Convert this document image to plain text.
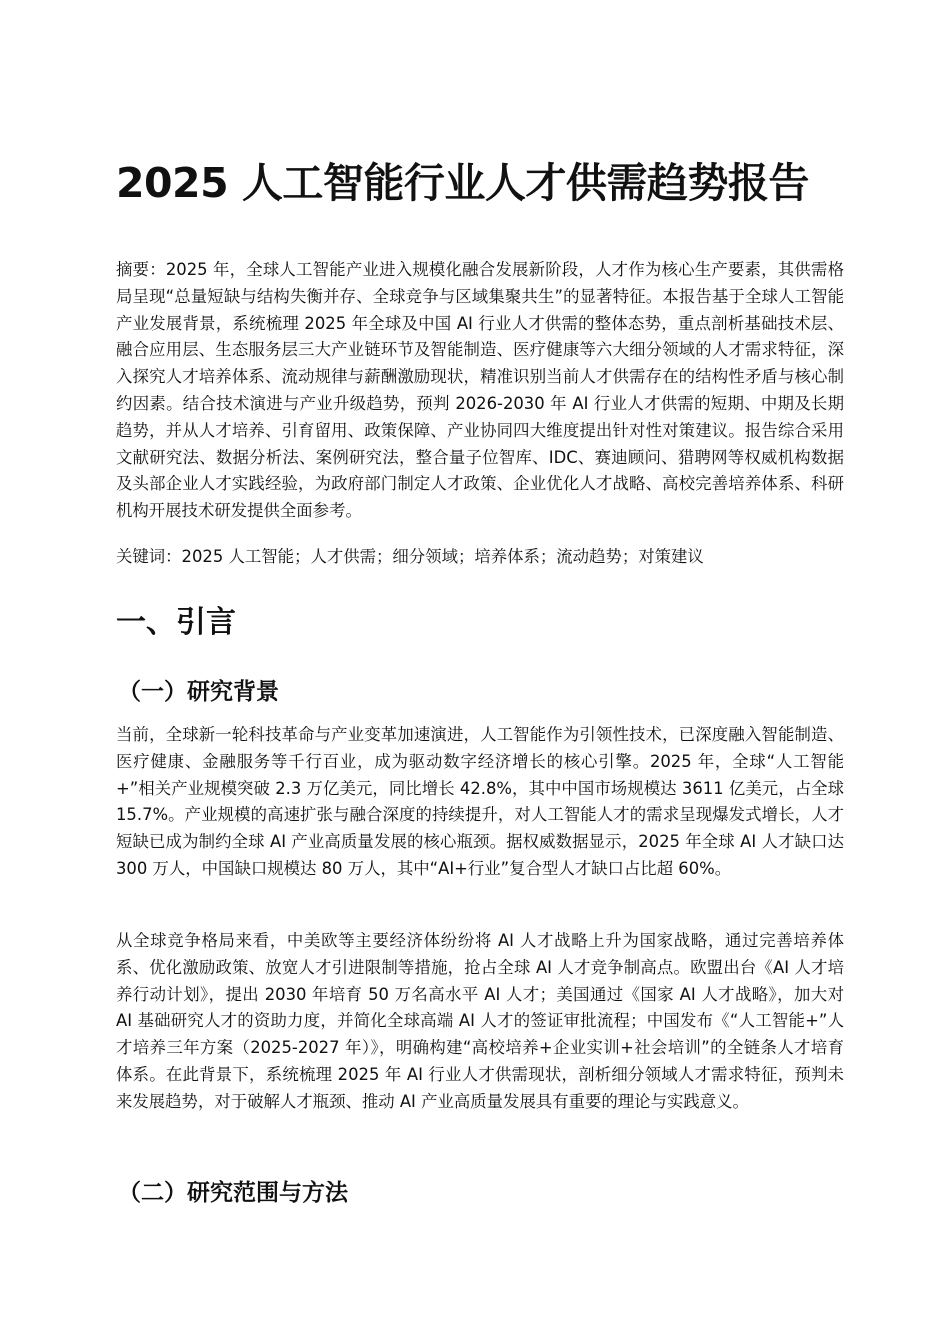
2025 人工智能行业人才供需趋势报告

摘要：2025 年，全球人工智能产业进入规模化融合发展新阶段，人才作为核心生产要素，其供需格局呈现“总量短缺与结构失衡并存、全球竞争与区域集聚共生”的显著特征。本报告基于全球人工智能产业发展背景，系统梳理 2025 年全球及中国 AI 行业人才供需的整体态势，重点剖析基础技术层、融合应用层、生态服务层三大产业链环节及智能制造、医疗健康等六大细分领域的人才需求特征，深入探究人才培养体系、流动规律与薪酬激励现状，精准识别当前人才供需存在的结构性矛盾与核心制约因素。结合技术演进与产业升级趋势，预判 2026-2030 年 AI 行业人才供需的短期、中期及长期趋势，并从人才培养、引育留用、政策保障、产业协同四大维度提出针对性对策建议。报告综合采用文献研究法、数据分析法、案例研究法，整合量子位智库、IDC、赛迪顾问、猎聘网等权威机构数据及头部企业人才实践经验，为政府部门制定人才政策、企业优化人才战略、高校完善培养体系、科研机构开展技术研发提供全面参考。

关键词：2025 人工智能；人才供需；细分领域；培养体系；流动趋势；对策建议

一、引言
（一）研究背景

当前，全球新一轮科技革命与产业变革加速演进，人工智能作为引领性技术，已深度融入智能制造、医疗健康、金融服务等千行百业，成为驱动数字经济增长的核心引擎。2025 年，全球“人工智能+”相关产业规模突破 2.3 万亿美元，同比增长 42.8%，其中中国市场规模达 3611 亿美元，占全球 15.7%。产业规模的高速扩张与融合深度的持续提升，对人工智能人才的需求呈现爆发式增长，人才短缺已成为制约全球 AI 产业高质量发展的核心瓶颈。据权威数据显示，2025 年全球 AI 人才缺口达 300 万人，中国缺口规模达 80 万人，其中“AI+行业”复合型人才缺口占比超 60%。

从全球竞争格局来看，中美欧等主要经济体纷纷将 AI 人才战略上升为国家战略，通过完善培养体系、优化激励政策、放宽人才引进限制等措施，抢占全球 AI 人才竞争制高点。欧盟出台《AI 人才培养行动计划》，提出 2030 年培育 50 万名高水平 AI 人才；美国通过《国家 AI 人才战略》，加大对 AI 基础研究人才的资助力度，并简化全球高端 AI 人才的签证审批流程；中国发布《“人工智能+”人才培养三年方案（2025-2027 年）》，明确构建“高校培养+企业实训+社会培训”的全链条人才培育体系。在此背景下，系统梳理 2025 年 AI 行业人才供需现状，剖析细分领域人才需求特征，预判未来发展趋势，对于破解人才瓶颈、推动 AI 产业高质量发展具有重要的理论与实践意义。

（二）研究范围与方法
